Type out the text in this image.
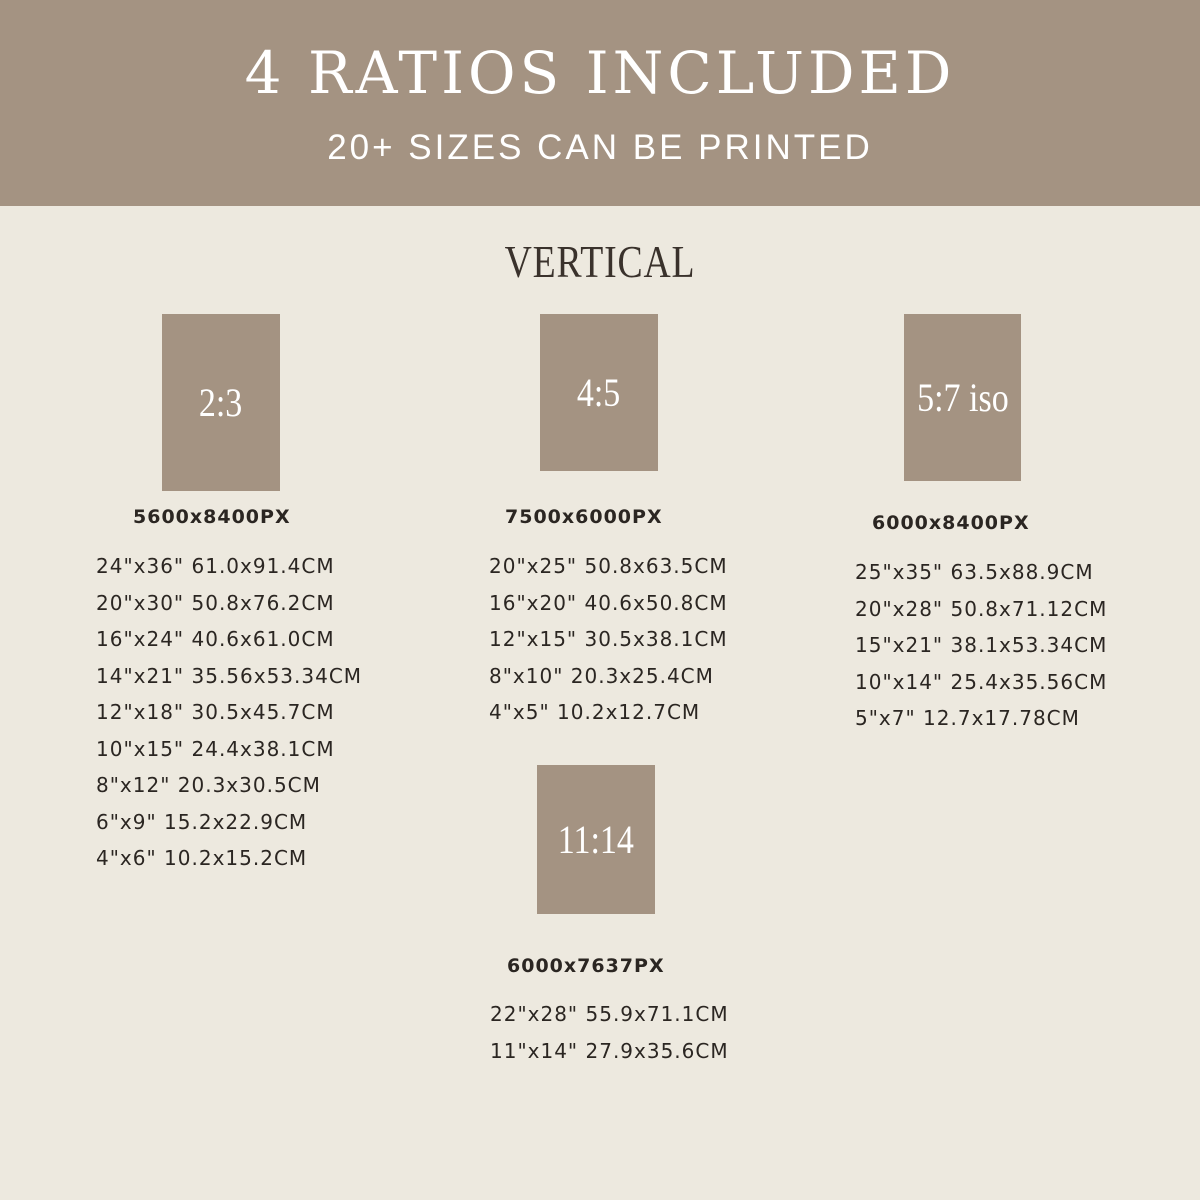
4 RATIOS INCLUDED
20+ SIZES CAN BE PRINTED
VERTICAL
2:3
5600x8400PX
24"x36" 61.0x91.4CM
20"x30" 50.8x76.2CM
16"x24" 40.6x61.0CM
14"x21" 35.56x53.34CM
12"x18" 30.5x45.7CM
10"x15" 24.4x38.1CM
8"x12" 20.3x30.5CM
6"x9" 15.2x22.9CM
4"x6" 10.2x15.2CM
4:5
7500x6000PX
20"x25" 50.8x63.5CM
16"x20" 40.6x50.8CM
12"x15" 30.5x38.1CM
8"x10" 20.3x25.4CM
4"x5" 10.2x12.7CM
5:7 iso
6000x8400PX
25"x35" 63.5x88.9CM
20"x28" 50.8x71.12CM
15"x21" 38.1x53.34CM
10"x14" 25.4x35.56CM
5"x7" 12.7x17.78CM
11:14
6000x7637PX
22"x28" 55.9x71.1CM
11"x14" 27.9x35.6CM
